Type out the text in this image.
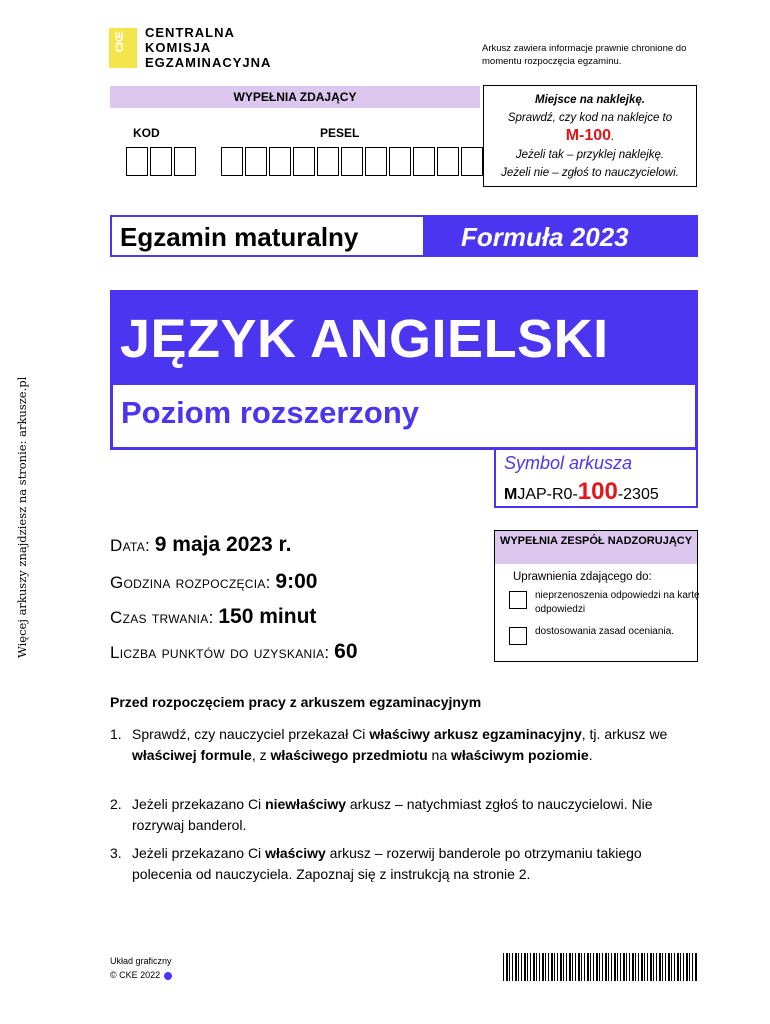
CKE CENTRALNA
KOMISJA
EGZAMINACYJNA
Arkusz zawiera informacje prawnie chronione do momentu rozpoczęcia egzaminu.
WYPEŁNIA ZDAJĄCY
KOD	PESEL
Miejsce na naklejkę.
Sprawdź, czy kod na naklejce to
M-100.
Jeżeli tak – przyklej naklejkę.
Jeżeli nie – zgłoś to nauczycielowi.
Egzamin maturalny	Formuła 2023
JĘZYK ANGIELSKI
Poziom rozszerzony
Symbol arkusza
MJAP-R0-100-2305
Data: 9 maja 2023 r.
Godzina rozpoczęcia: 9:00
Czas trwania: 150 minut
Liczba punktów do uzyskania: 60
WYPEŁNIA ZESPÓŁ NADZORUJĄCY
Uprawnienia zdającego do:
nieprzenoszenia odpowiedzi na kartę odpowiedzi
dostosowania zasad oceniania.
Przed rozpoczęciem pracy z arkuszem egzaminacyjnym
1. Sprawdź, czy nauczyciel przekazał Ci właściwy arkusz egzaminacyjny, tj. arkusz we właściwej formule, z właściwego przedmiotu na właściwym poziomie.
2. Jeżeli przekazano Ci niewłaściwy arkusz – natychmiast zgłoś to nauczycielowi. Nie rozrywaj banderol.
3. Jeżeli przekazano Ci właściwy arkusz – rozerwij banderole po otrzymaniu takiego polecenia od nauczyciela. Zapoznaj się z instrukcją na stronie 2.
Układ graficzny
© CKE 2022
Więcej arkuszy znajdziesz na stronie: arkusze.pl
